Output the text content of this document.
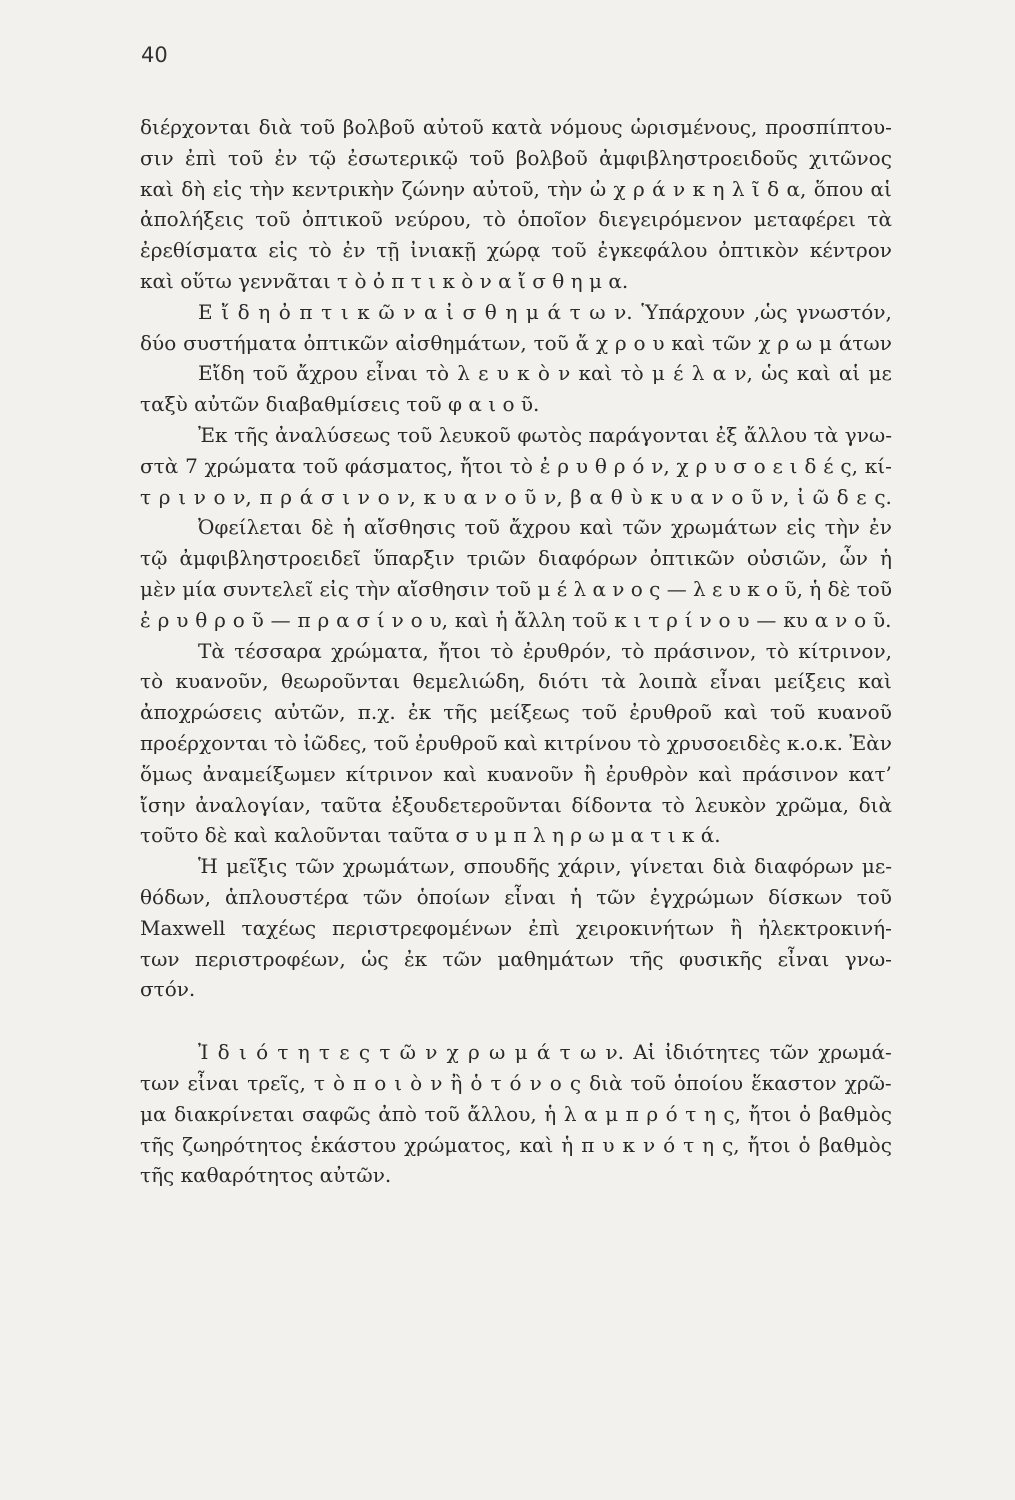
40
διέρχονται διὰ τοῦ βολβοῦ αὐτοῦ κατὰ νόμους ὡρισμένους, προσπίπτου-
σιν ἐπὶ τοῦ ἐν τῷ ἐσωτερικῷ τοῦ βολβοῦ ἀμφιβληστροειδοῦς χιτῶνος
καὶ δὴ εἰς τὴν κεντρικὴν ζώνην αὐτοῦ, τὴν ὠ χ ρ ά ν κ η λ ῖ δ α, ὅπου αἱ
ἀπολήξεις τοῦ ὀπτικοῦ νεύρου, τὸ ὁποῖον διεγειρόμενον μεταφέρει τὰ
ἐρεθίσματα εἰς τὸ ἐν τῇ ἰνιακῇ χώρᾳ τοῦ ἐγκεφάλου ὀπτικὸν κέντρον
καὶ οὕτω γεννᾶται τ ὸ ὀ π τ ι κ ὸ ν α ἴ σ θ η μ α.
Ε ἴ δ η ὀ π τ ι κ ῶ ν α ἰ σ θ η μ ά τ ω ν. Ὑπάρχουν ,ὡς γνωστόν,
δύο συστήματα ὀπτικῶν αἰσθημάτων, τοῦ ἄ χ ρ ο υ καὶ τῶν χ ρ ω μ άτων
Εἴδη τοῦ ἄχρου εἶναι τὸ λ ε υ κ ὸ ν καὶ τὸ μ έ λ α ν, ὡς καὶ αἱ με
ταξὺ αὐτῶν διαβαθμίσεις τοῦ φ α ι ο ῦ.
Ἐκ τῆς ἀναλύσεως τοῦ λευκοῦ φωτὸς παράγονται ἐξ ἄλλου τὰ γνω-
στὰ 7 χρώματα τοῦ φάσματος, ἤτοι τὸ ἐ ρ υ θ ρ ό ν, χ ρ υ σ ο ε ι δ έ ς, κί-
τ ρ ι ν ο ν, π ρ ά σ ι ν ο ν, κ υ α ν ο ῦ ν, β α θ ὺ κ υ α ν ο ῦ ν, ἰ ῶ δ ε ς.
Ὀφείλεται δὲ ἡ αἴσθησις τοῦ ἄχρου καὶ τῶν χρωμάτων εἰς τὴν ἐν
τῷ ἀμφιβληστροειδεῖ ὕπαρξιν τριῶν διαφόρων ὀπτικῶν οὐσιῶν, ὧν ἡ
μὲν μία συντελεῖ εἰς τὴν αἴσθησιν τοῦ μ έ λ α ν ο ς — λ ε υ κ ο ῦ, ἡ δὲ τοῦ
ἐ ρ υ θ ρ ο ῦ — π ρ α σ ί ν ο υ, καὶ ἡ ἄλλη τοῦ κ ι τ ρ ί ν ο υ — κυ α ν ο ῦ.
Τὰ τέσσαρα χρώματα, ἤτοι τὸ ἐρυθρόν, τὸ πράσινον, τὸ κίτρινον,
τὸ κυανοῦν, θεωροῦνται θεμελιώδη, διότι τὰ λοιπὰ εἶναι μείξεις καὶ
ἀποχρώσεις αὐτῶν, π.χ. ἐκ τῆς μείξεως τοῦ ἐρυθροῦ καὶ τοῦ κυανοῦ
προέρχονται τὸ ἰῶδες, τοῦ ἐρυθροῦ καὶ κιτρίνου τὸ χρυσοειδὲς κ.ο.κ. Ἐὰν
ὅμως ἀναμείξωμεν κίτρινον καὶ κυανοῦν ἢ ἐρυθρὸν καὶ πράσινον κατ’
ἴσην ἀναλογίαν, ταῦτα ἐξουδετεροῦνται δίδοντα τὸ λευκὸν χρῶμα, διὰ
τοῦτο δὲ καὶ καλοῦνται ταῦτα σ υ μ π λ η ρ ω μ α τ ι κ ά.
Ἡ μεῖξις τῶν χρωμάτων, σπουδῆς χάριν, γίνεται διὰ διαφόρων με-
θόδων, ἁπλουστέρα τῶν ὁποίων εἶναι ἡ τῶν ἐγχρώμων δίσκων τοῦ
Maxwell ταχέως περιστρεφομένων ἐπὶ χειροκινήτων ἢ ἠλεκτροκινή-
των περιστροφέων, ὡς ἐκ τῶν μαθημάτων τῆς φυσικῆς εἶναι γνω-
στόν.
Ἰ δ ι ό τ η τ ε ς τ ῶ ν χ ρ ω μ ά τ ω ν. Αἱ ἰδιότητες τῶν χρωμά-
των εἶναι τρεῖς, τ ὸ π ο ι ὸ ν ἢ ὁ τ ό ν ο ς διὰ τοῦ ὁποίου ἕκαστον χρῶ-
μα διακρίνεται σαφῶς ἀπὸ τοῦ ἄλλου, ἡ λ α μ π ρ ό τ η ς, ἤτοι ὁ βαθμὸς
τῆς ζωηρότητος ἑκάστου χρώματος, καὶ ἡ π υ κ ν ό τ η ς, ἤτοι ὁ βαθμὸς
τῆς καθαρότητος αὐτῶν.
